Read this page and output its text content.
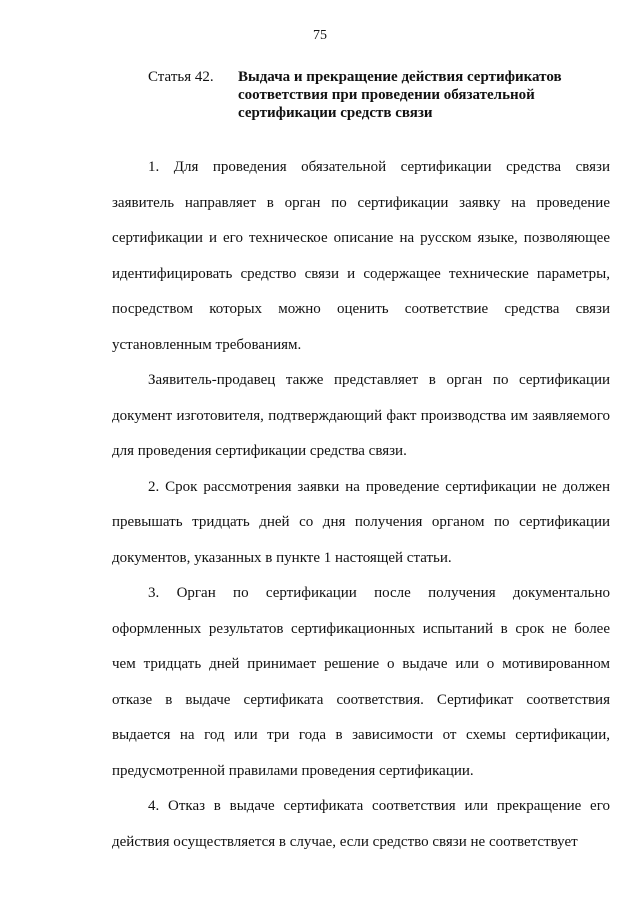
75
Статья 42. Выдача и прекращение действия сертификатов
соответствия при проведении обязательной
сертификации средств связи

1. Для проведения обязательной сертификации средства связи заявитель направляет в орган по сертификации заявку на проведение сертификации и его техническое описание на русском языке, позволяющее идентифицировать средство связи и содержащее технические параметры, посредством которых можно оценить соответствие средства связи установленным требованиям.

Заявитель-продавец также представляет в орган по сертификации документ изготовителя, подтверждающий факт производства им заявляемого для проведения сертификации средства связи.

2. Срок рассмотрения заявки на проведение сертификации не должен превышать тридцать дней со дня получения органом по сертификации документов, указанных в пункте 1 настоящей статьи.

3. Орган по сертификации после получения документально оформленных результатов сертификационных испытаний в срок не более чем тридцать дней принимает решение о выдаче или о мотивированном отказе в выдаче сертификата соответствия. Сертификат соответствия выдается на год или три года в зависимости от схемы сертификации, предусмотренной правилами проведения сертификации.

4. Отказ в выдаче сертификата соответствия или прекращение его действия осуществляется в случае, если средство связи не соответствует
